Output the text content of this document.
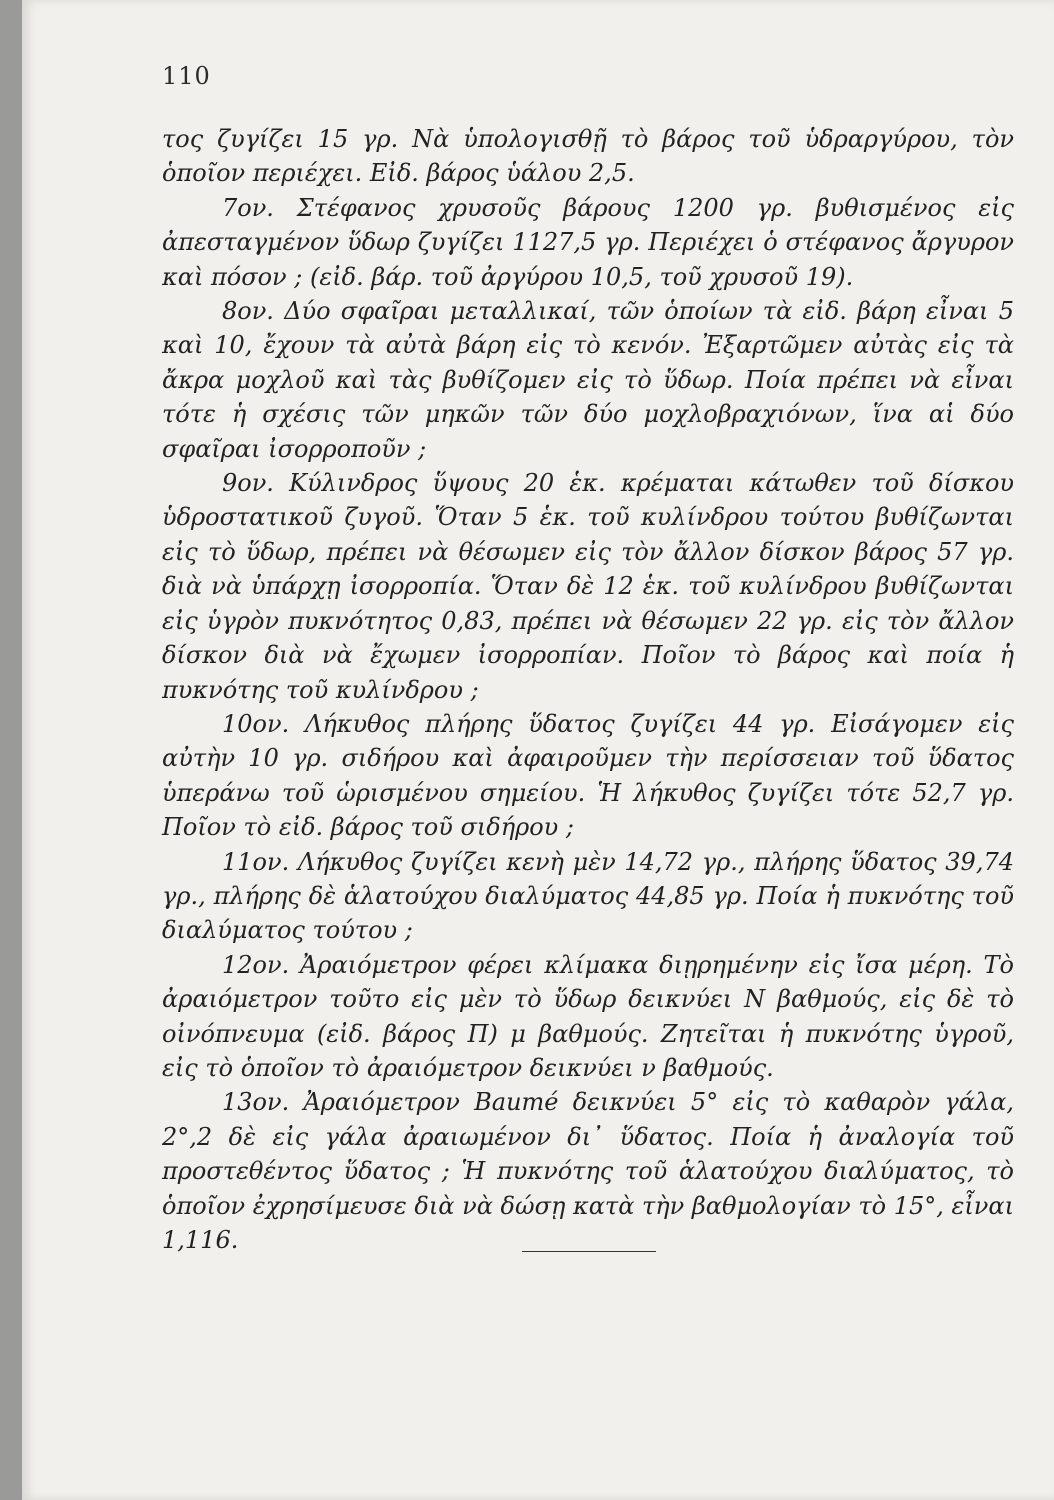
110

τος ζυγίζει 15 γρ. Νὰ ὑπολογισθῇ τὸ βάρος τοῦ ὑδραργύρου, τὸν ὁποῖον περιέχει. Εἰδ. βάρος ὑάλου 2,5.

7ον. Στέφανος χρυσοῦς βάρους 1200 γρ. βυθισμένος εἰς ἀπεσταγμένον ὕδωρ ζυγίζει 1127,5 γρ. Περιέχει ὁ στέφανος ἄργυρον καὶ πόσον ; (εἰδ. βάρ. τοῦ ἀργύρου 10,5, τοῦ χρυσοῦ 19).

8ον. Δύο σφαῖραι μεταλλικαί, τῶν ὁποίων τὰ εἰδ. βάρη εἶναι 5 καὶ 10, ἔχουν τὰ αὐτὰ βάρη εἰς τὸ κενόν. Ἐξαρτῶμεν αὐτὰς εἰς τὰ ἄκρα μοχλοῦ καὶ τὰς βυθίζομεν εἰς τὸ ὕδωρ. Ποία πρέπει νὰ εἶναι τότε ἡ σχέσις τῶν μηκῶν τῶν δύο μοχλοβραχιόνων, ἵνα αἱ δύο σφαῖραι ἰσορροποῦν ;

9ον. Κύλινδρος ὕψους 20 ἑκ. κρέμαται κάτωθεν τοῦ δίσκου ὑδροστατικοῦ ζυγοῦ. Ὅταν 5 ἑκ. τοῦ κυλίνδρου τούτου βυθίζωνται εἰς τὸ ὕδωρ, πρέπει νὰ θέσωμεν εἰς τὸν ἄλλον δίσκον βάρος 57 γρ. διὰ νὰ ὑπάρχῃ ἰσορροπία. Ὅταν δὲ 12 ἑκ. τοῦ κυλίνδρου βυθίζωνται εἰς ὑγρὸν πυκνότητος 0,83, πρέπει νὰ θέσωμεν 22 γρ. εἰς τὸν ἄλλον δίσκον διὰ νὰ ἔχωμεν ἰσορροπίαν. Ποῖον τὸ βάρος καὶ ποία ἡ πυκνότης τοῦ κυλίνδρου ;

10ον. Λήκυθος πλήρης ὕδατος ζυγίζει 44 γρ. Εἰσάγομεν εἰς αὐτὴν 10 γρ. σιδήρου καὶ ἀφαιροῦμεν τὴν περίσσειαν τοῦ ὕδατος ὑπεράνω τοῦ ὡρισμένου σημείου. Ἡ λήκυθος ζυγίζει τότε 52,7 γρ. Ποῖον τὸ εἰδ. βάρος τοῦ σιδήρου ;

11ον. Λήκυθος ζυγίζει κενὴ μὲν 14,72 γρ., πλήρης ὕδατος 39,74 γρ., πλήρης δὲ ἁλατούχου διαλύματος 44,85 γρ. Ποία ἡ πυκνότης τοῦ διαλύματος τούτου ;

12ον. Ἀραιόμετρον φέρει κλίμακα διῃρημένην εἰς ἴσα μέρη. Τὸ ἀραιόμετρον τοῦτο εἰς μὲν τὸ ὕδωρ δεικνύει Ν βαθμούς, εἰς δὲ τὸ οἰνόπνευμα (εἰδ. βάρος Π) μ βαθμούς. Ζητεῖται ἡ πυκνότης ὑγροῦ, εἰς τὸ ὁποῖον τὸ ἀραιόμετρον δεικνύει ν βαθμούς.

13ον. Ἀραιόμετρον Baumé δεικνύει 5° εἰς τὸ καθαρὸν γάλα, 2°,2 δὲ εἰς γάλα ἀραιωμένον δι᾽ ὕδατος. Ποία ἡ ἀναλογία τοῦ προστεθέντος ὕδατος ; Ἡ πυκνότης τοῦ ἁλατούχου διαλύματος, τὸ ὁποῖον ἐχρησίμευσε διὰ νὰ δώσῃ κατὰ τὴν βαθμολογίαν τὸ 15°, εἶναι 1,116.
